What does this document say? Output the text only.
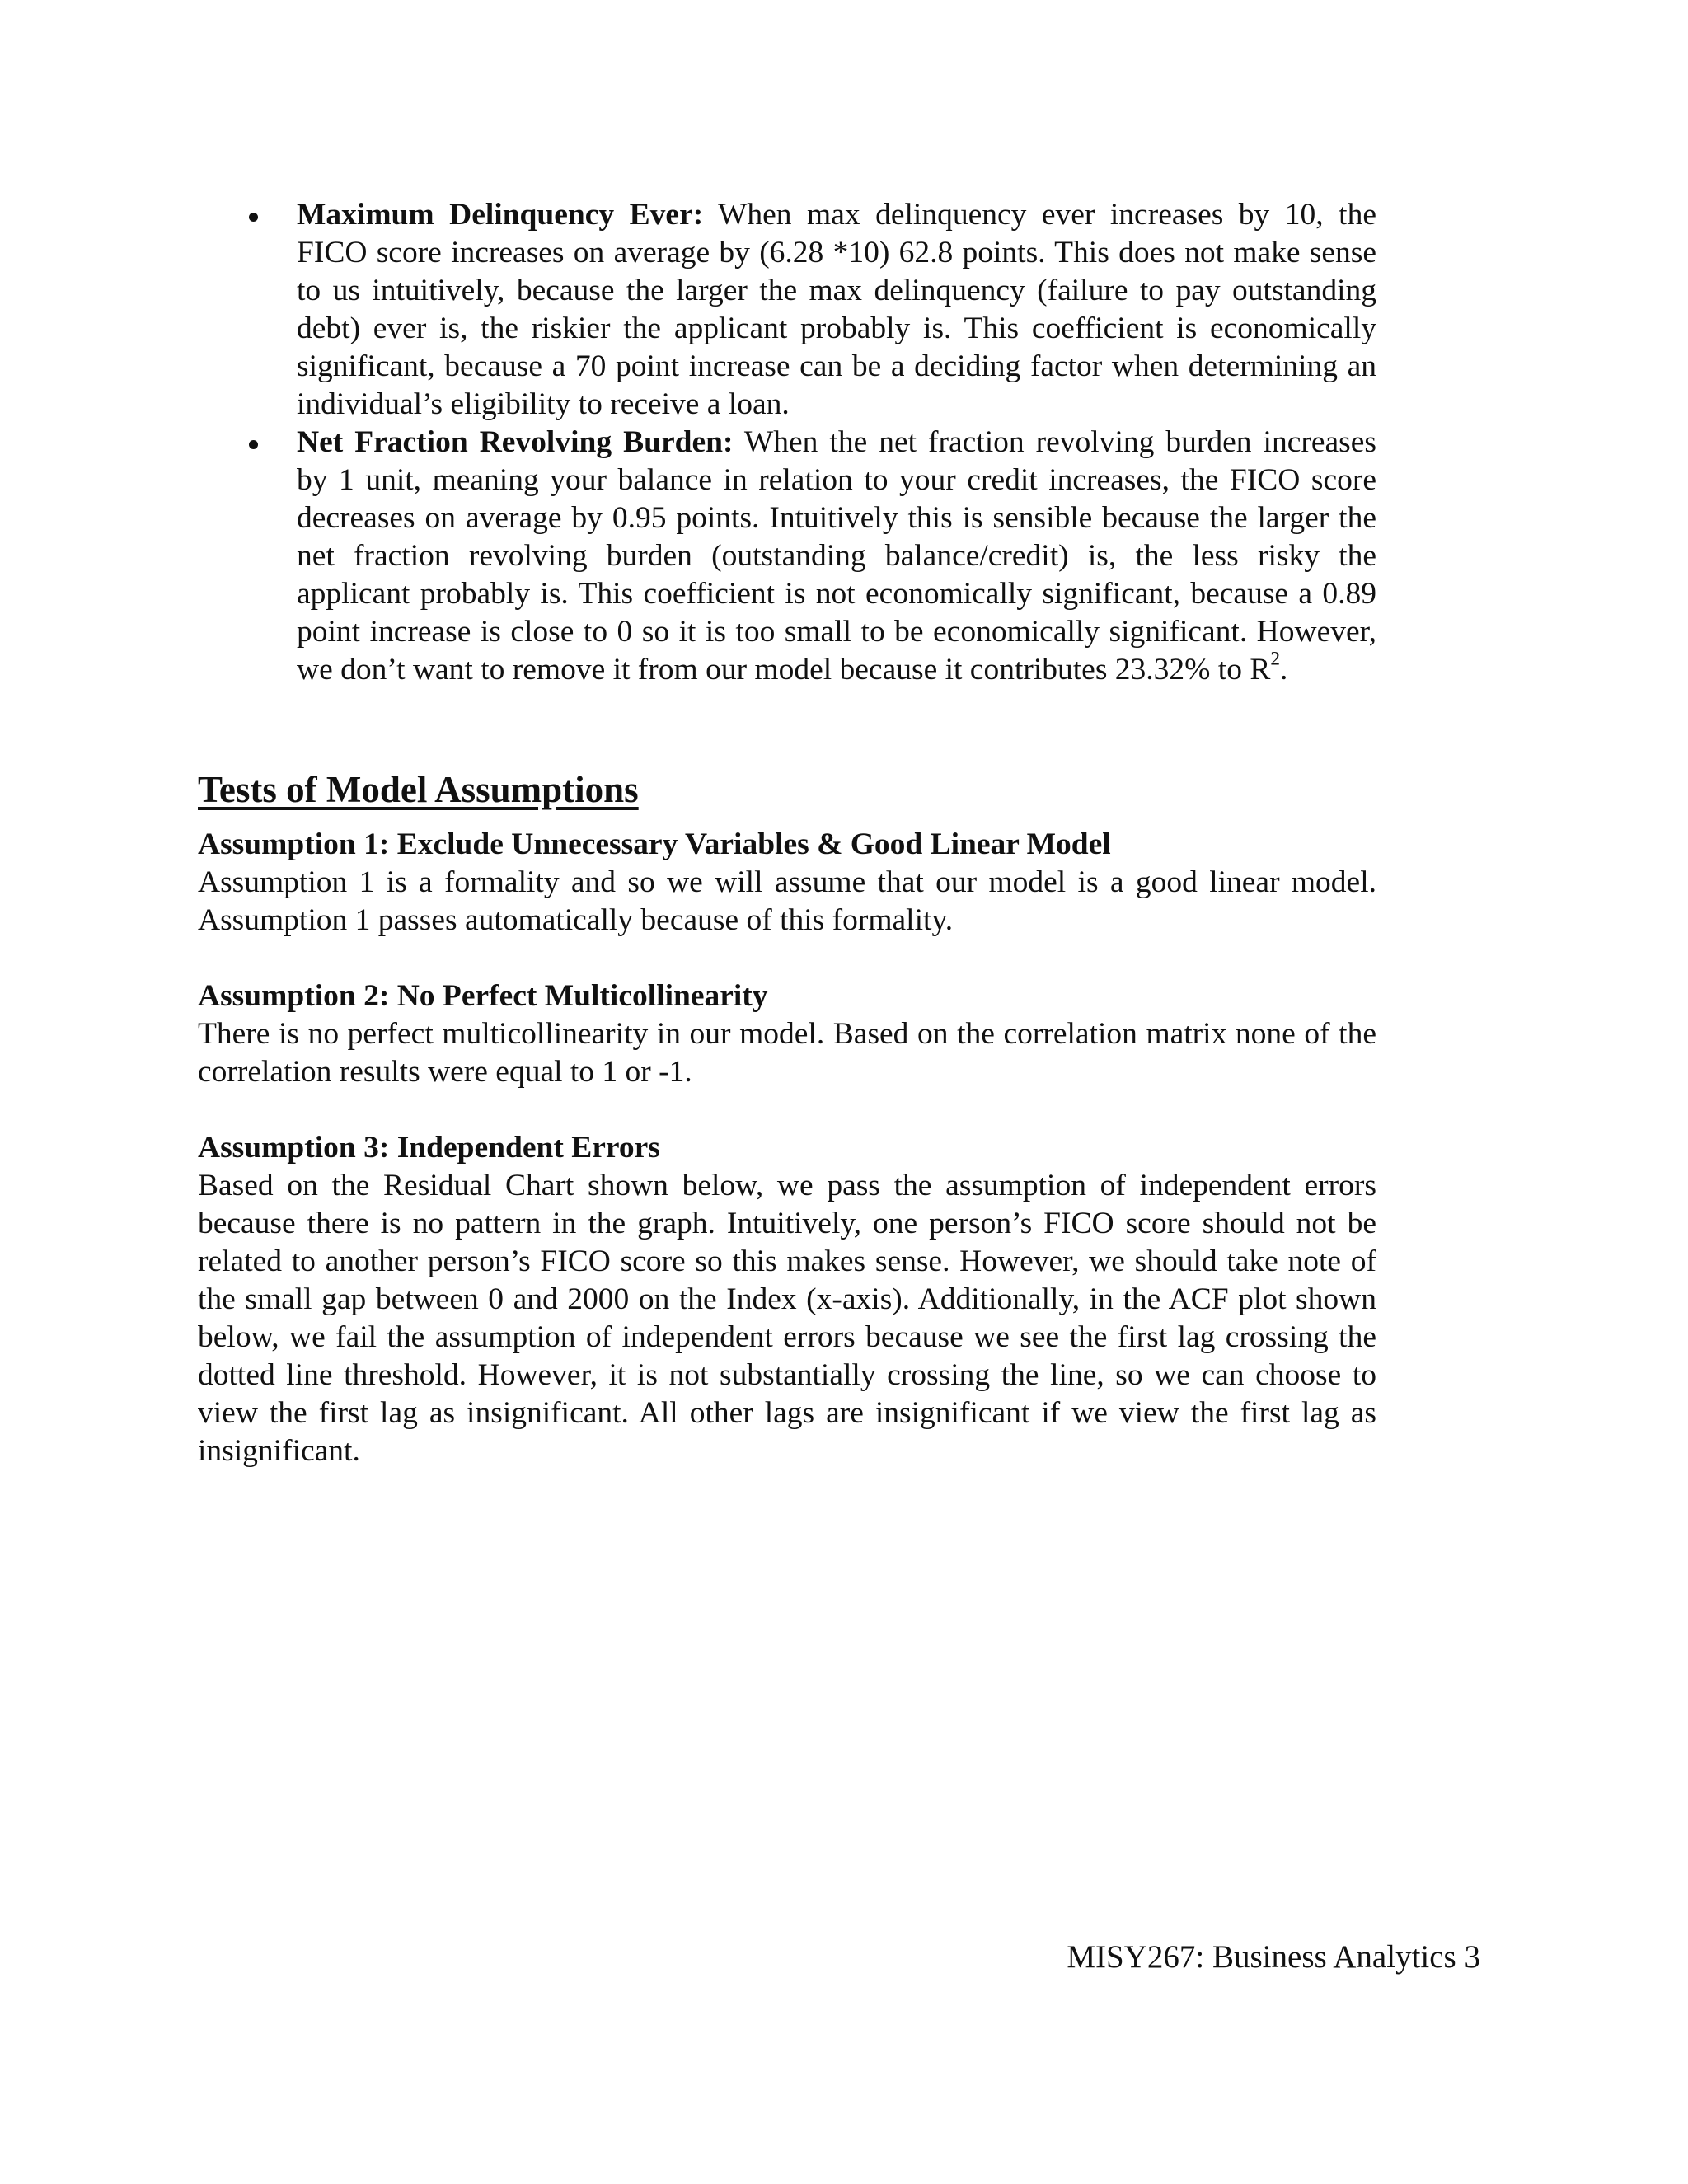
Maximum Delinquency Ever: When max delinquency ever increases by 10, the FICO score increases on average by (6.28 *10) 62.8 points. This does not make sense to us intuitively, because the larger the max delinquency (failure to pay outstanding debt) ever is, the riskier the applicant probably is. This coefficient is economically significant, because a 70 point increase can be a deciding factor when determining an individual’s eligibility to receive a loan.
Net Fraction Revolving Burden: When the net fraction revolving burden increases by 1 unit, meaning your balance in relation to your credit increases, the FICO score decreases on average by 0.95 points. Intuitively this is sensible because the larger the net fraction revolving burden (outstanding balance/credit) is, the less risky the applicant probably is. This coefficient is not economically significant, because a 0.89 point increase is close to 0 so it is too small to be economically significant. However, we don’t want to remove it from our model because it contributes 23.32% to $R^2$.
Tests of Model Assumptions
Assumption 1: Exclude Unnecessary Variables & Good Linear Model

Assumption 1 is a formality and so we will assume that our model is a good linear model. Assumption 1 passes automatically because of this formality.

Assumption 2: No Perfect Multicollinearity

There is no perfect multicollinearity in our model. Based on the correlation matrix none of the correlation results were equal to 1 or -1.

Assumption 3: Independent Errors

Based on the Residual Chart shown below, we pass the assumption of independent errors because there is no pattern in the graph. Intuitively, one person’s FICO score should not be related to another person’s FICO score so this makes sense. However, we should take note of the small gap between 0 and 2000 on the Index (x-axis). Additionally, in the ACF plot shown below, we fail the assumption of independent errors because we see the first lag crossing the dotted line threshold. However, it is not substantially crossing the line, so we can choose to view the first lag as insignificant. All other lags are insignificant if we view the first lag as insignificant.

MISY267: Business Analytics 3
